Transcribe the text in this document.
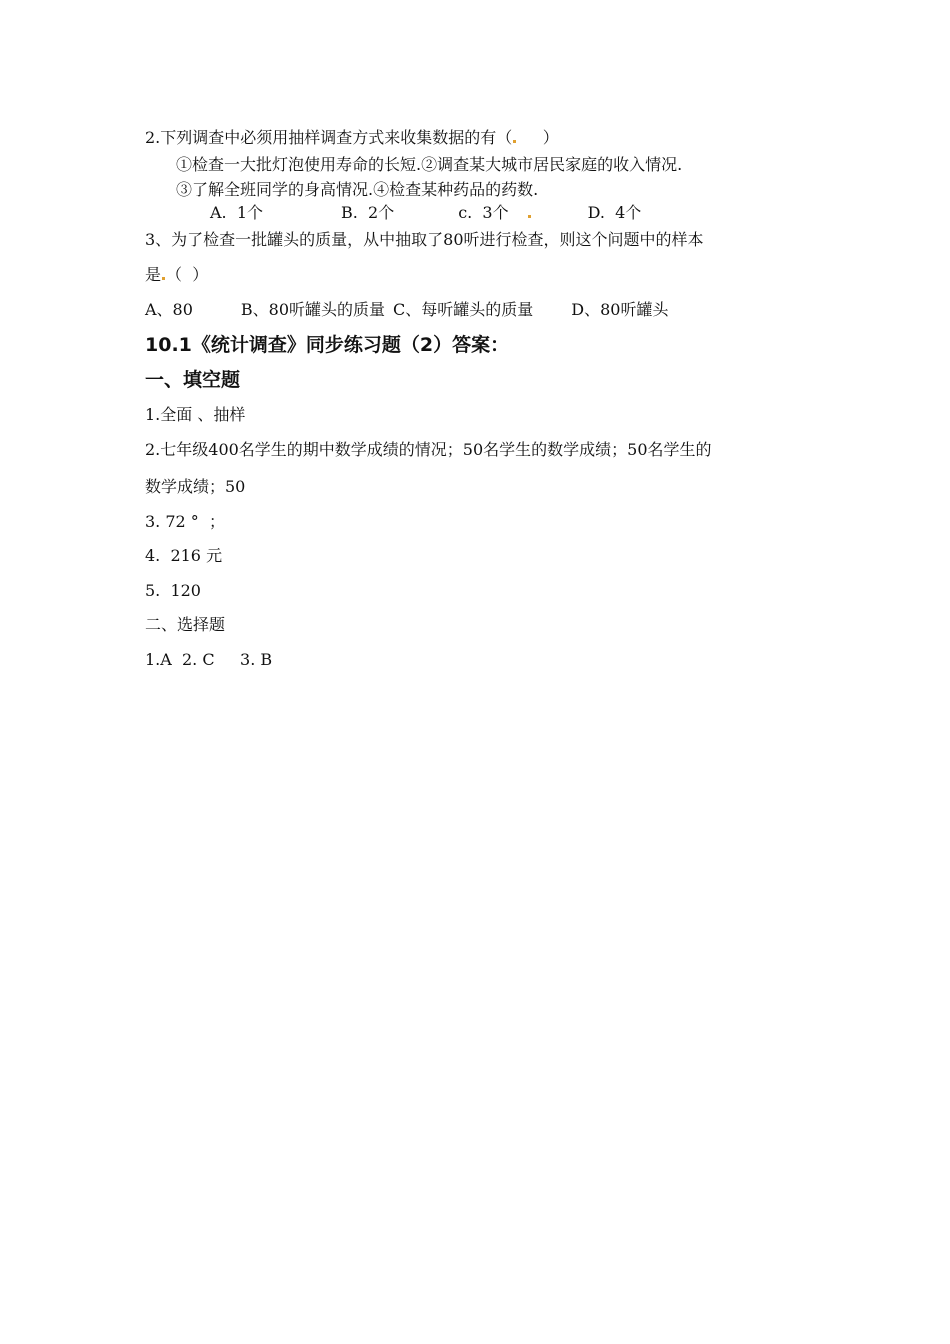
2.下列调查中必须用抽样调查方式来收集数据的有（     ）
①检查一大批灯泡使用寿命的长短.②调查某大城市居民家庭的收入情况.
③了解全班同学的身高情况.④检查某种药品的药数.
A.  1个	B.  2个	c.  3个	D.  4个
3、为了检查一批罐头的质量，从中抽取了80听进行检查，则这个问题中的样本
是 （  ）
A、80	B、80听罐头的质量 C、每听罐头的质量 D、80听罐头
10.1《统计调查》同步练习题（2）答案：
一、填空题
1.全面 、抽样
2.七年级400名学生的期中数学成绩的情况；50名学生的数学成绩；50名学生的
数学成绩；50
3. 72 °  ；
4.  216 元
5.  120
二、选择题
1.A  2. C     3. B
